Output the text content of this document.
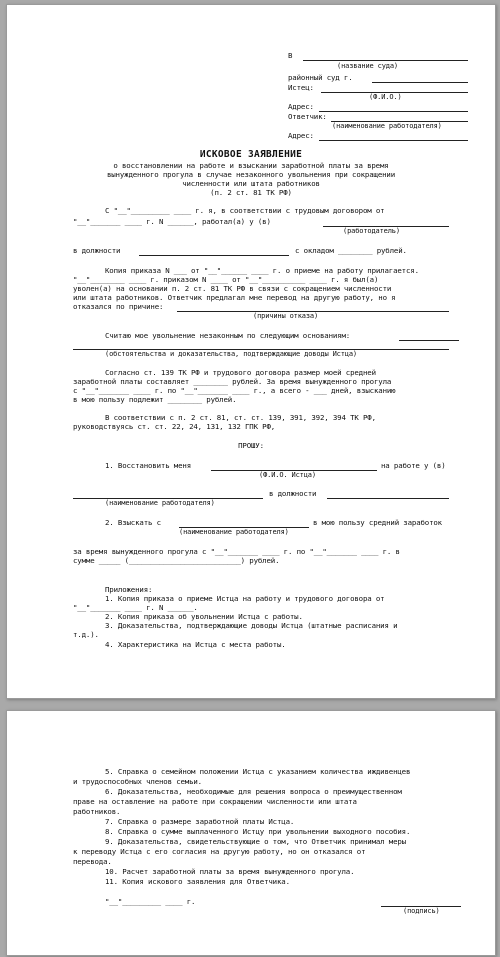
В
(название суда)
районный суд г.
Истец:
(Ф.И.О.)
Адрес:
Ответчик:
(наименование работодателя)
Адрес:
ИСКОВОЕ ЗАЯВЛЕНИЕ
о восстановлении на работе и взыскании заработной платы за время
вынужденного прогула в случае незаконного увольнения при сокращении
численности или штата работников
(п. 2 ст. 81 ТК РФ)
С "__"_________ ____ г. я, в соответствии с трудовым договором от
"__"_______ ____ г. N ______, работал(а) у (в)
(работодатель)
в должности	с окладом ________ рублей.
Копия приказа N ___ от "__"______ ____ г. о приеме на работу прилагается.
"__"________ ____ г. приказом N ____ от "__"__________ ____ г. я был(а)
уволен(а) на основании п. 2 ст. 81 ТК РФ в связи с сокращением численности
или штата работников. Ответчик предлагал мне перевод на другую работу, но я
отказался по причине:
(причины отказа)
Считаю мое увольнение незаконным по следующим основаниям:
(обстоятельства и доказательства, подтверждающие доводы Истца)
Согласно ст. 139 ТК РФ и трудового договора размер моей средней
заработной платы составляет ________ рублей. За время вынужденного прогула
с "__"_______ ____ г. по "__"_______ ____ г., а всего - ___ дней, взысканию
в мою пользу подлежит ________ рублей.
В соответствии с п. 2 ст. 81, ст. ст. 139, 391, 392, 394 ТК РФ,
руководствуясь ст. ст. 22, 24, 131, 132 ГПК РФ,
ПРОШУ:
1. Восстановить меня	на работе у (в)
(Ф.И.О. Истца)
в должности
(наименование работодателя)
2. Взыскать с	в мою пользу средний заработок
(наименование работодателя)
за время вынужденного прогула с "__"_______ ____ г. по "__"_______ ____ г. в
сумме _____ (__________________________) рублей.
Приложения:
1. Копия приказа о приеме Истца на работу и трудового договора от
"__"_______ ____ г. N ______.
2. Копия приказа об увольнении Истца с работы.
3. Доказательства, подтверждающие доводы Истца (штатные расписания и
т.д.).
4. Характеристика на Истца с места работы.
5. Справка о семейном положении Истца с указанием количества иждивенцев
и трудоспособных членов семьи.
6. Доказательства, необходимые для решения вопроса о преимущественном
праве на оставление на работе при сокращении численности или штата
работников.
7. Справка о размере заработной платы Истца.
8. Справка о сумме выплаченного Истцу при увольнении выходного пособия.
9. Доказательства, свидетельствующие о том, что Ответчик принимал меры
к переводу Истца с его согласия на другую работу, но он отказался от
перевода.
10. Расчет заработной платы за время вынужденного прогула.
11. Копия искового заявления для Ответчика.
"__"_________ ____ г.
(подпись)
